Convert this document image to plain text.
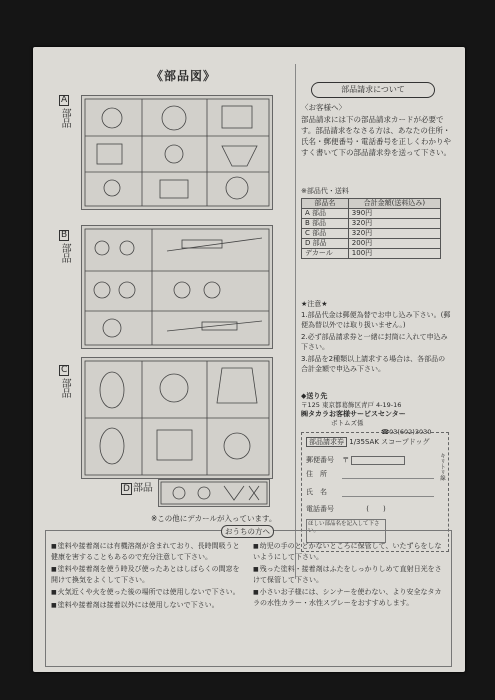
《部品図》
A部品
B部品
C部品
D 部品
※この他にデカールが入っています。
部品請求について
〈お客様へ〉
部品請求には下の部品請求カードが必要です。部品請求をなさる方は、あなたの住所・氏名・郵便番号・電話番号を正しくわかりやすく書いて下の部品請求券を送って下さい。
※部品代・送料
部品名	合計金額(送料込み)
A 部品	390円
B 部品	320円
C 部品	320円
D 部品	200円
デカール	100円
★注意★

1.部品代金は郵便為替でお申し込み下さい。(郵便為替以外では取り扱いません。)

2.必ず部品請求券と一緒に封筒に入れて申込み下さい。

3.部品を2種類以上請求する場合は、各部品の合計金額で申込み下さい。

◆送り先
〒125 東京都葛飾区青戸 4-19-16
㈱タカラお客様サービスセンター
ボトムズ係
☎03(602)3030
部品請求券 1/35SAK スコープドッグ
郵便番号 〒
住　所
氏　名
電話番号	(　　)
ほしい部品名を記入して下さい。
キリトリ線
おうちの方へ

■ 塗料や接着剤には有機溶剤が含まれており、長時間吸うと健康を害することもあるので充分注意して下さい。

■ 塗料や接着剤を使う時及び使ったあとはしばらくの間窓を開けて換気をよくして下さい。

■ 火気近くや火を使った後の場所では使用しないで下さい。

■ 塗料や接着剤は接着以外には使用しないで下さい。

■ 幼児の手のとどかないところに保管して、いたずらをしないようにして下さい。

■ 残った塗料・接着剤はふたをしっかりしめて直射日光をさけて保管して下さい。

■ 小さいお子様には、シンナーを使わない、より安全なタカラの水性カラー・水性スプレーをおすすめします。
